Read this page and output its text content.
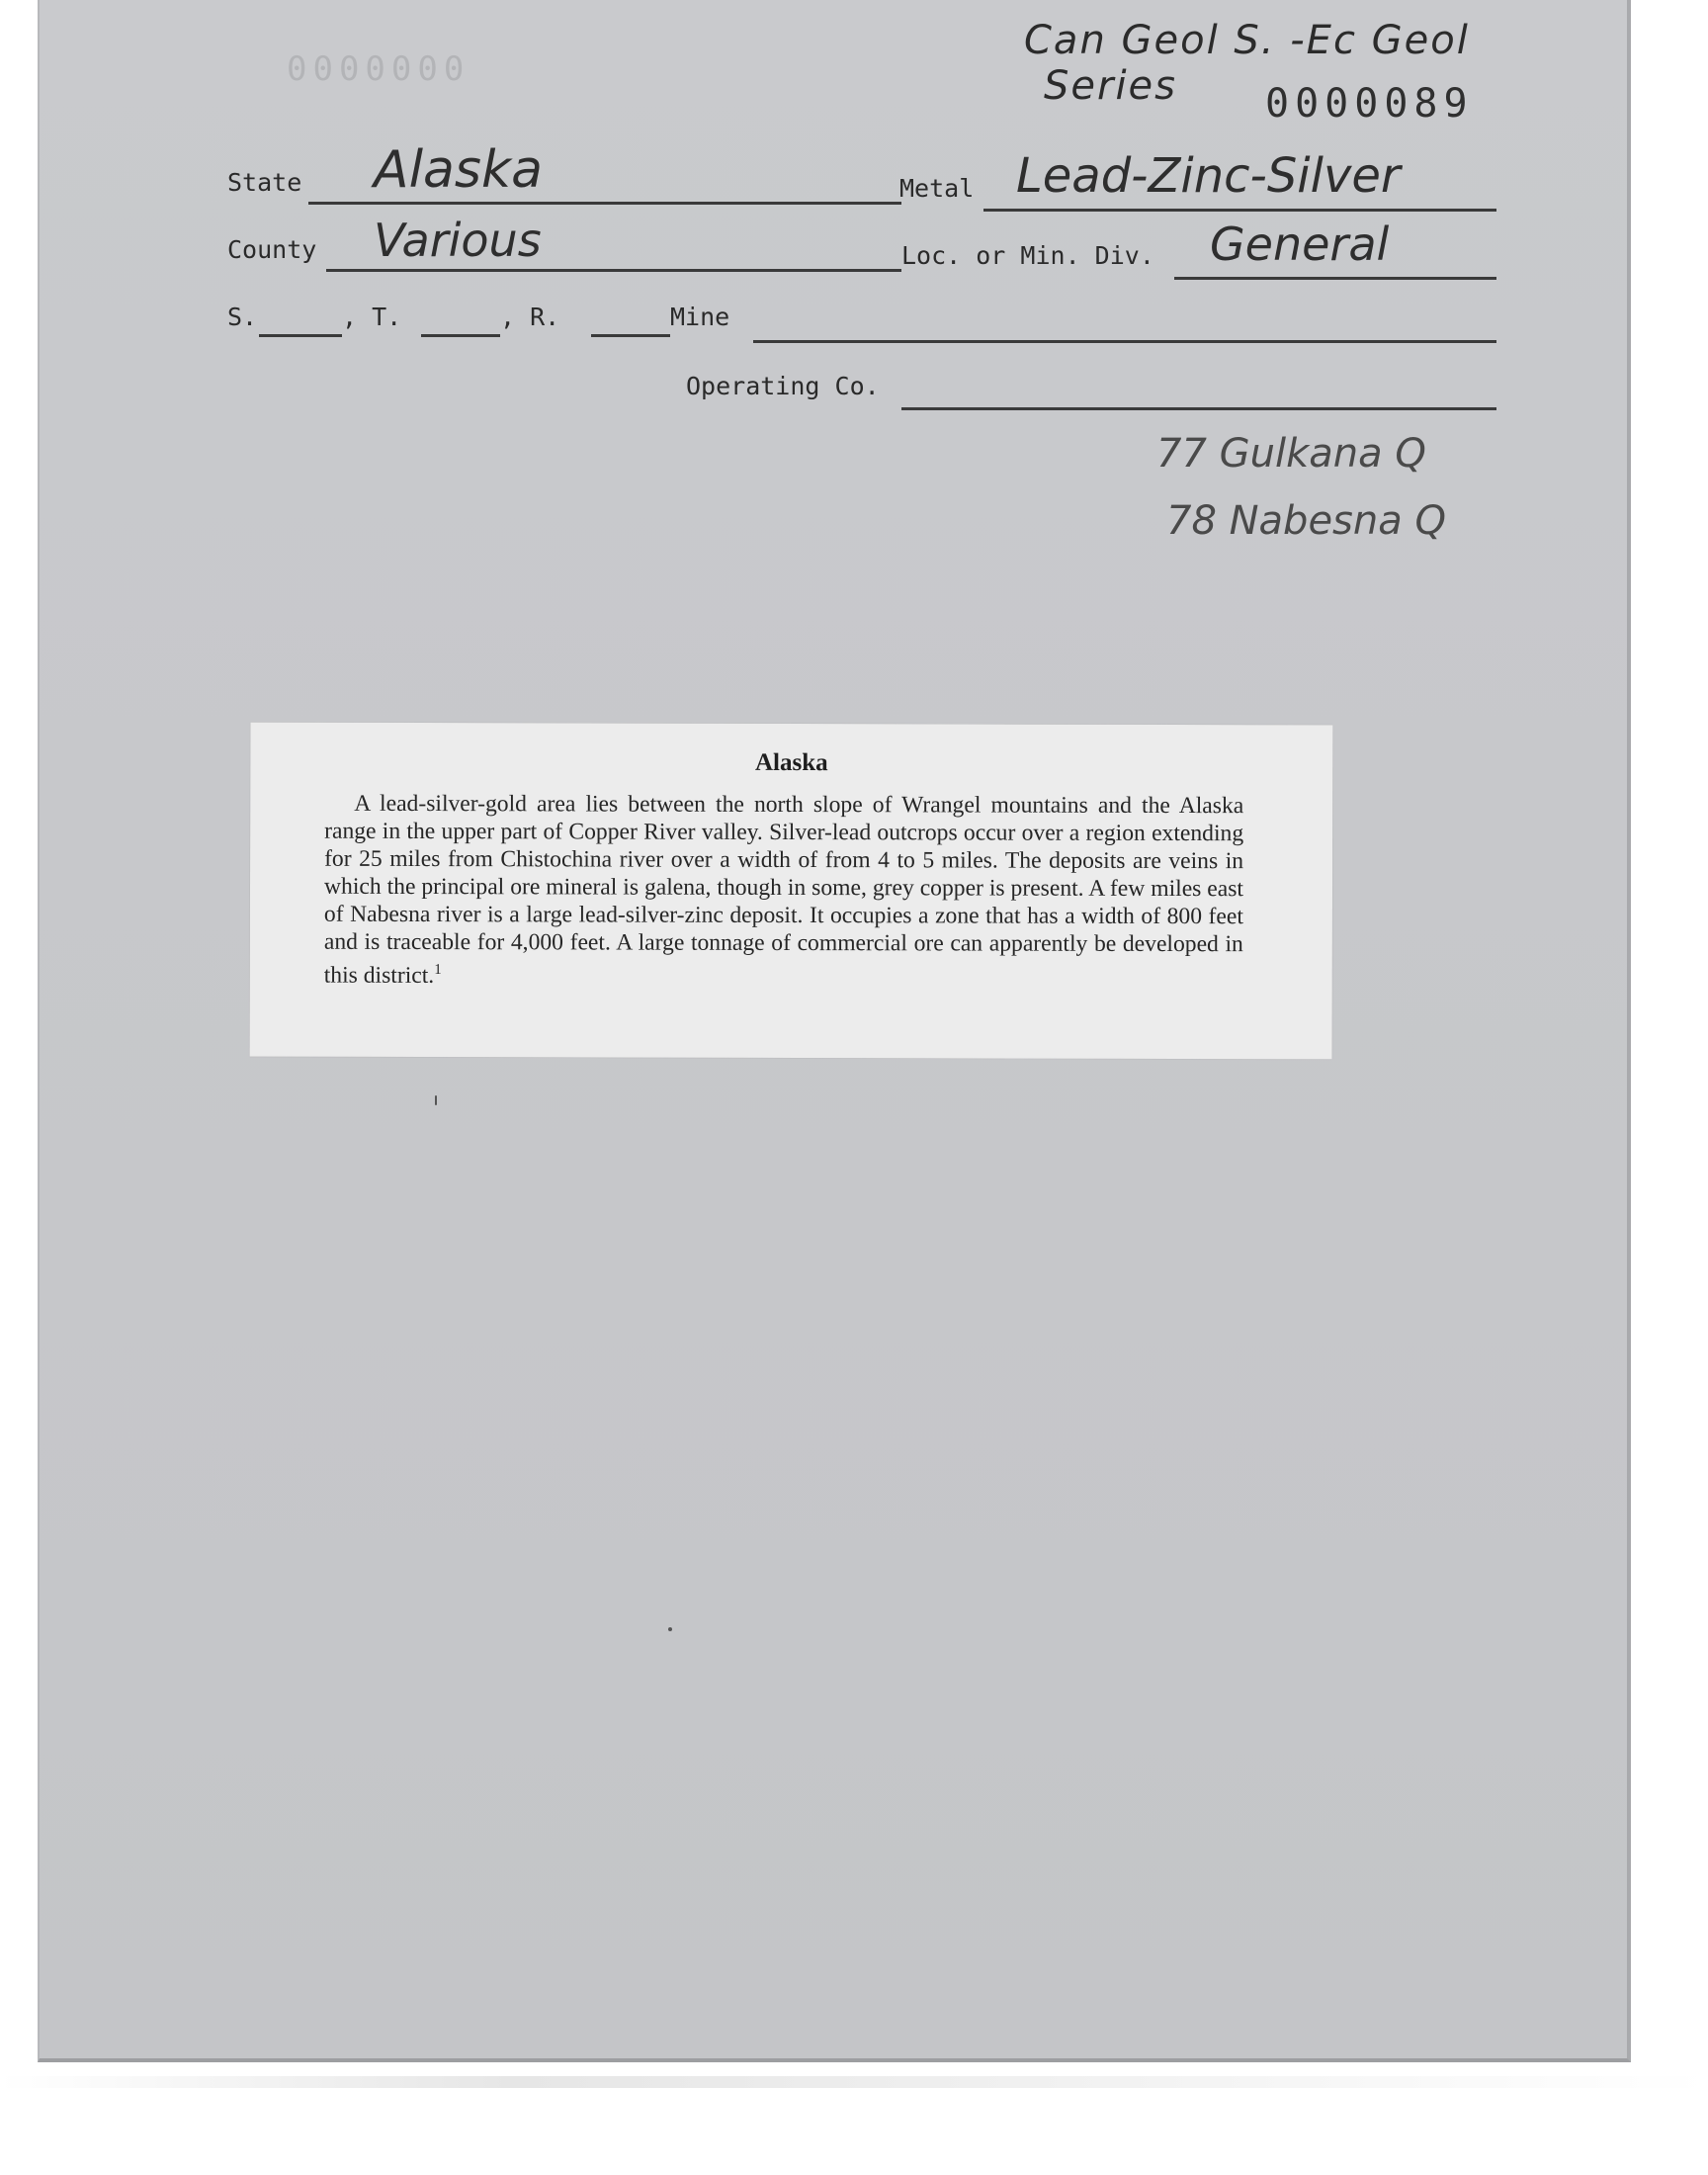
0000000
Can Geol S. -Ec Geol
Series 0000089
State Alaska	Metal Lead-Zinc-Silver
County Various	Loc. or Min. Div. General
S.	, T.	, R.	Mine
Operating Co.
77 Gulkana Q
78 Nabesna Q
Alaska
A lead-silver-gold area lies between the north slope of Wrangel mountains and the Alaska range in the upper part of Copper River valley. Silver-lead outcrops occur over a region extending for 25 miles from Chistochina river over a width of from 4 to 5 miles. The deposits are veins in which the principal ore mineral is galena, though in some, grey copper is present. A few miles east of Nabesna river is a large lead-silver-zinc deposit. It occupies a zone that has a width of 800 feet and is traceable for 4,000 feet. A large tonnage of commercial ore can apparently be developed in this district.$^1$
